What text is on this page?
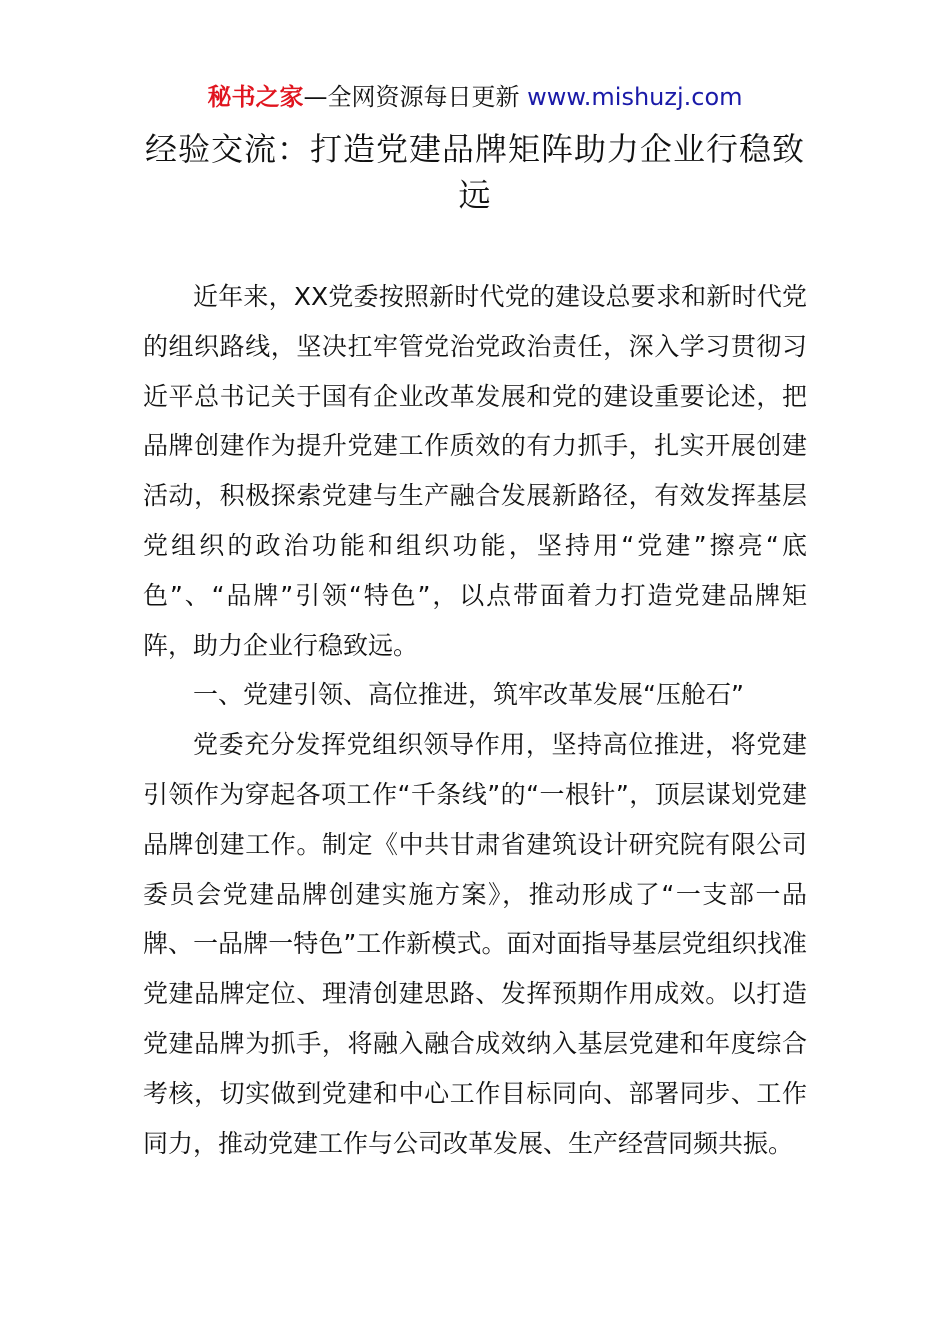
秘书之家—全网资源每日更新 www.mishuzj.com
经验交流：打造党建品牌矩阵助力企业行稳致远

近年来，XX党委按照新时代党的建设总要求和新时代党的组织路线，坚决扛牢管党治党政治责任，深入学习贯彻习近平总书记关于国有企业改革发展和党的建设重要论述，把品牌创建作为提升党建工作质效的有力抓手，扎实开展创建活动，积极探索党建与生产融合发展新路径，有效发挥基层党组织的政治功能和组织功能，坚持用“党建”擦亮“底色”、“品牌”引领“特色”，以点带面着力打造党建品牌矩阵，助力企业行稳致远。

一、党建引领、高位推进，筑牢改革发展“压舱石”

党委充分发挥党组织领导作用，坚持高位推进，将党建引领作为穿起各项工作“千条线”的“一根针”，顶层谋划党建品牌创建工作。制定《中共甘肃省建筑设计研究院有限公司委员会党建品牌创建实施方案》，推动形成了“一支部一品牌、一品牌一特色”工作新模式。面对面指导基层党组织找准党建品牌定位、理清创建思路、发挥预期作用成效。以打造党建品牌为抓手，将融入融合成效纳入基层党建和年度综合考核，切实做到党建和中心工作目标同向、部署同步、工作同力，推动党建工作与公司改革发展、生产经营同频共振。
